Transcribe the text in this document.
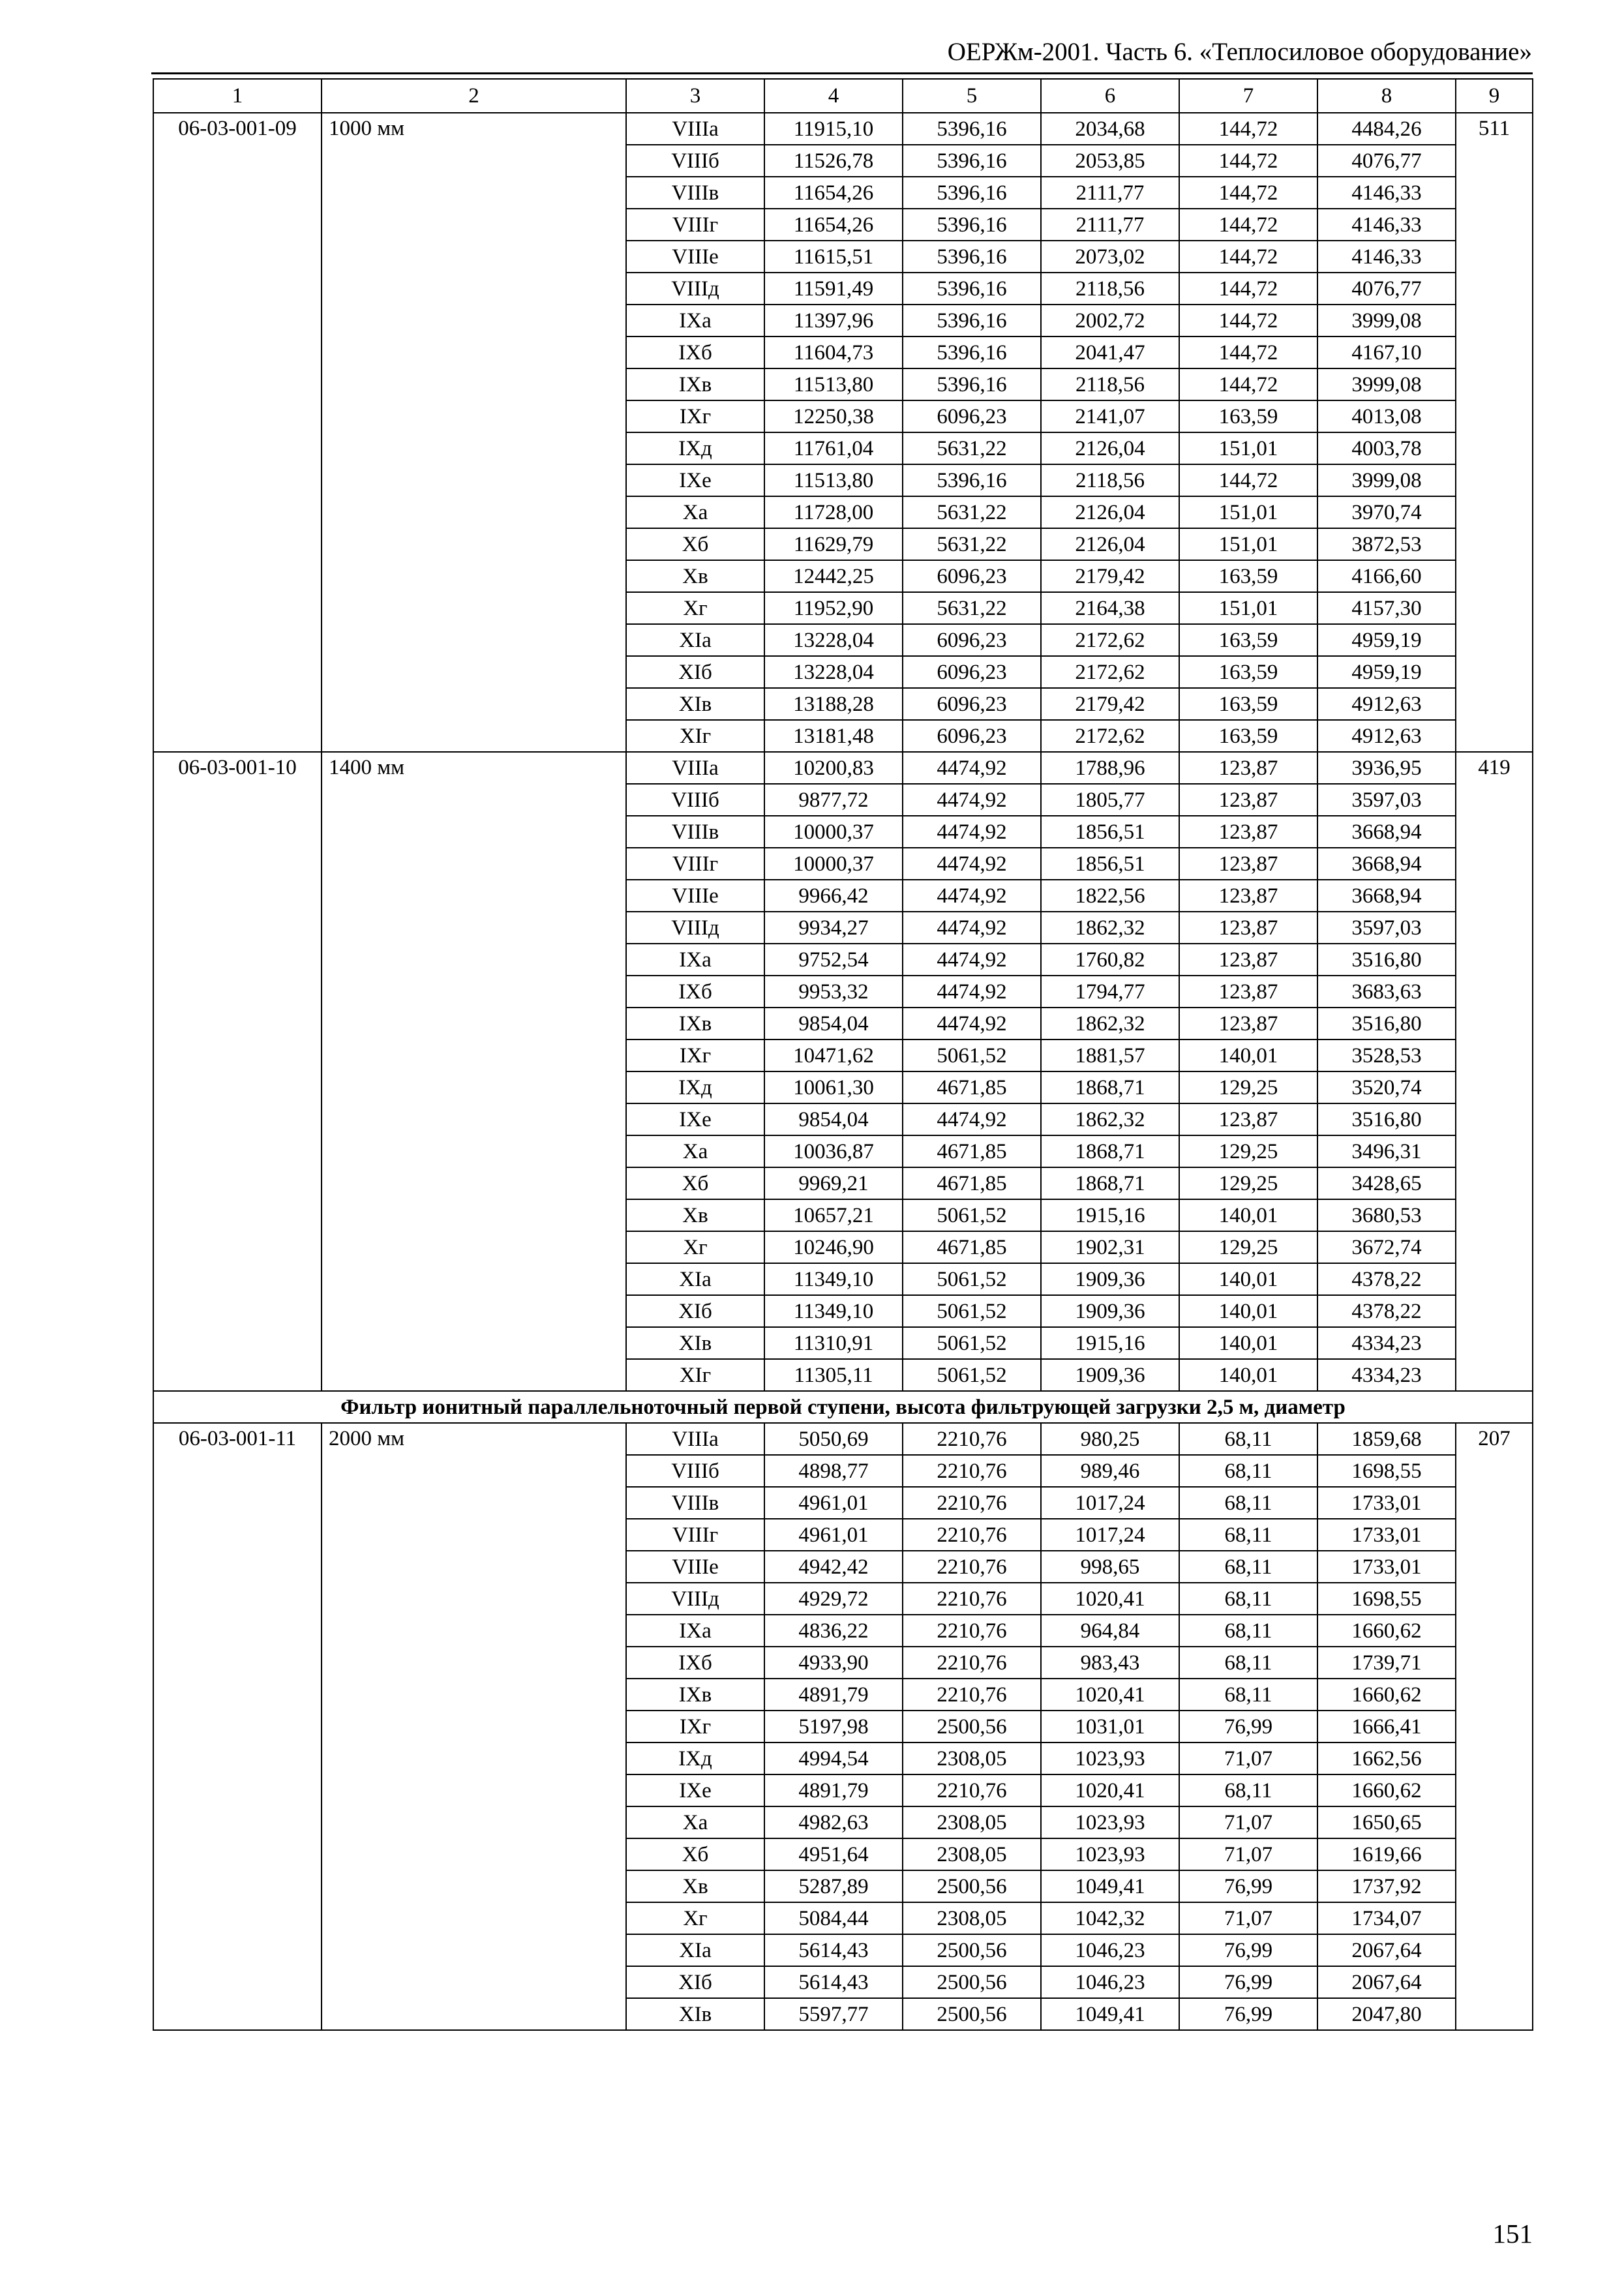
ОЕРЖм-2001. Часть 6. «Теплосиловое оборудование»
1	2	3	4	5	6	7	8	9
06-03-001-09	1000 мм	VIIIа	11915,10	5396,16	2034,68	144,72	4484,26	511
		VIIIб	11526,78	5396,16	2053,85	144,72	4076,77	
		VIIIв	11654,26	5396,16	2111,77	144,72	4146,33	
		VIIIг	11654,26	5396,16	2111,77	144,72	4146,33	
		VIIIе	11615,51	5396,16	2073,02	144,72	4146,33	
		VIIIд	11591,49	5396,16	2118,56	144,72	4076,77	
		IXа	11397,96	5396,16	2002,72	144,72	3999,08	
		IXб	11604,73	5396,16	2041,47	144,72	4167,10	
		IXв	11513,80	5396,16	2118,56	144,72	3999,08	
		IXг	12250,38	6096,23	2141,07	163,59	4013,08	
		IXд	11761,04	5631,22	2126,04	151,01	4003,78	
		IXе	11513,80	5396,16	2118,56	144,72	3999,08	
		Xа	11728,00	5631,22	2126,04	151,01	3970,74	
		Xб	11629,79	5631,22	2126,04	151,01	3872,53	
		Xв	12442,25	6096,23	2179,42	163,59	4166,60	
		Xг	11952,90	5631,22	2164,38	151,01	4157,30	
		XIа	13228,04	6096,23	2172,62	163,59	4959,19	
		XIб	13228,04	6096,23	2172,62	163,59	4959,19	
		XIв	13188,28	6096,23	2179,42	163,59	4912,63	
		XIг	13181,48	6096,23	2172,62	163,59	4912,63	
06-03-001-10	1400 мм	VIIIа	10200,83	4474,92	1788,96	123,87	3936,95	419
		VIIIб	9877,72	4474,92	1805,77	123,87	3597,03	
		VIIIв	10000,37	4474,92	1856,51	123,87	3668,94	
		VIIIг	10000,37	4474,92	1856,51	123,87	3668,94	
		VIIIе	9966,42	4474,92	1822,56	123,87	3668,94	
		VIIIд	9934,27	4474,92	1862,32	123,87	3597,03	
		IXа	9752,54	4474,92	1760,82	123,87	3516,80	
		IXб	9953,32	4474,92	1794,77	123,87	3683,63	
		IXв	9854,04	4474,92	1862,32	123,87	3516,80	
		IXг	10471,62	5061,52	1881,57	140,01	3528,53	
		IXд	10061,30	4671,85	1868,71	129,25	3520,74	
		IXе	9854,04	4474,92	1862,32	123,87	3516,80	
		Xа	10036,87	4671,85	1868,71	129,25	3496,31	
		Xб	9969,21	4671,85	1868,71	129,25	3428,65	
		Xв	10657,21	5061,52	1915,16	140,01	3680,53	
		Xг	10246,90	4671,85	1902,31	129,25	3672,74	
		XIа	11349,10	5061,52	1909,36	140,01	4378,22	
		XIб	11349,10	5061,52	1909,36	140,01	4378,22	
		XIв	11310,91	5061,52	1915,16	140,01	4334,23	
		XIг	11305,11	5061,52	1909,36	140,01	4334,23	
Фильтр ионитный параллельноточный первой ступени, высота фильтрующей загрузки 2,5 м, диаметр								
06-03-001-11	2000 мм	VIIIа	5050,69	2210,76	980,25	68,11	1859,68	207
		VIIIб	4898,77	2210,76	989,46	68,11	1698,55	
		VIIIв	4961,01	2210,76	1017,24	68,11	1733,01	
		VIIIг	4961,01	2210,76	1017,24	68,11	1733,01	
		VIIIе	4942,42	2210,76	998,65	68,11	1733,01	
		VIIIд	4929,72	2210,76	1020,41	68,11	1698,55	
		IXа	4836,22	2210,76	964,84	68,11	1660,62	
		IXб	4933,90	2210,76	983,43	68,11	1739,71	
		IXв	4891,79	2210,76	1020,41	68,11	1660,62	
		IXг	5197,98	2500,56	1031,01	76,99	1666,41	
		IXд	4994,54	2308,05	1023,93	71,07	1662,56	
		IXе	4891,79	2210,76	1020,41	68,11	1660,62	
		Xа	4982,63	2308,05	1023,93	71,07	1650,65	
		Xб	4951,64	2308,05	1023,93	71,07	1619,66	
		Xв	5287,89	2500,56	1049,41	76,99	1737,92	
		Xг	5084,44	2308,05	1042,32	71,07	1734,07	
		XIа	5614,43	2500,56	1046,23	76,99	2067,64	
		XIб	5614,43	2500,56	1046,23	76,99	2067,64	
		XIв	5597,77	2500,56	1049,41	76,99	2047,80	
151
